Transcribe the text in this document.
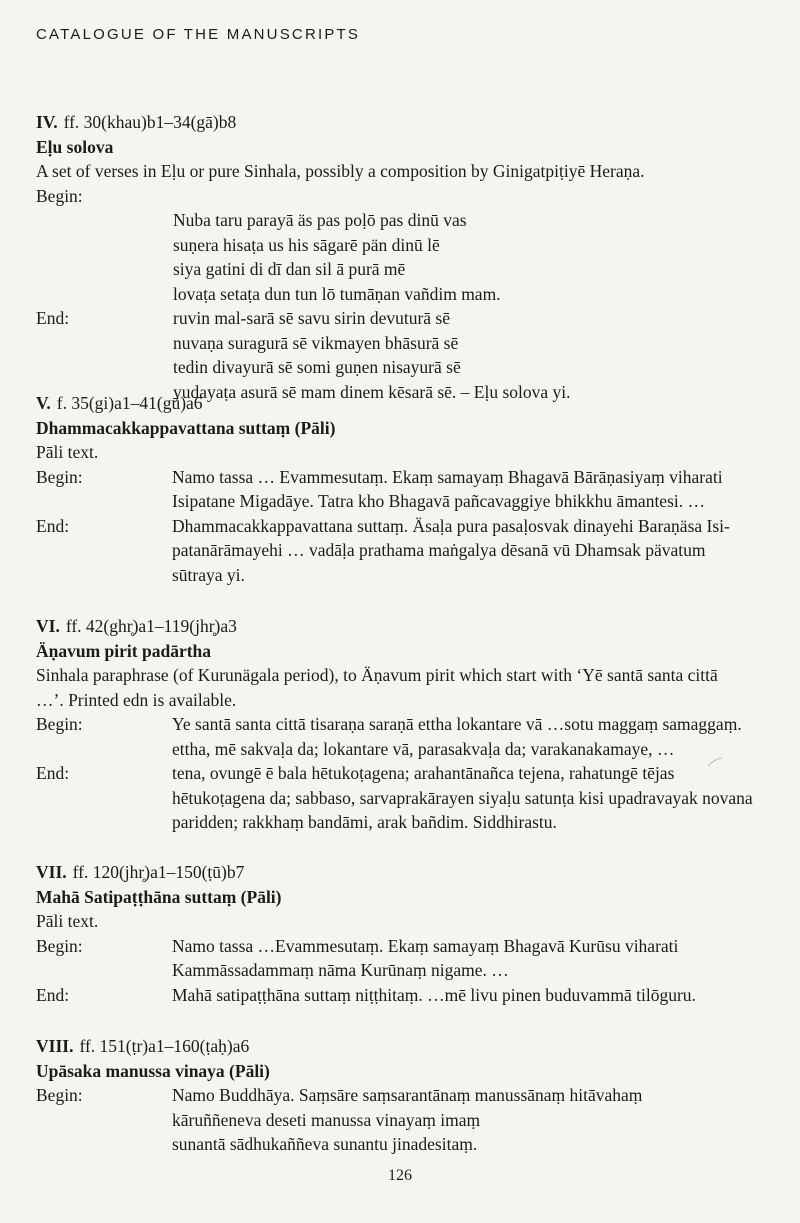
CATALOGUE OF THE MANUSCRIPTS

IV. ff. 30(khau)b1–34(gā)b8

Eḷu solova

A set of verses in Eḷu or pure Sinhala, possibly a composition by Ginigatpiṭiyē Heraṇa.

Begin:

Nuba taru parayā äs pas poḷō pas dinū vas
suṇera hisaṭa us his sāgarē pän dinū lē
siya gatini di dī dan sil ā purā mē
lovaṭa setaṭa dun tun lō tumāṇan vañdim mam.
End:	ruvin mal-sarā sē savu sirin devuturā sē
nuvaṇa suragurā sē vikmayen bhāsurā sē
tedin divayurā sē somi guṇen nisayurā sē
yudayaṭa asurā sē mam dinem kēsarā sē. – Eḷu solova yi.

V. f. 35(gi)a1–41(gū)a6

Dhammacakkappavattana suttaṃ (Pāli)

Pāli text.

Begin:	Namo tassa … Evammesutaṃ. Ekaṃ samayaṃ Bhagavā Bārāṇasiyaṃ viharati
Isipatane Migadāye. Tatra kho Bhagavā pañcavaggiye bhikkhu āmantesi. …
End:	Dhammacakkappavattana suttaṃ. Äsaḷa pura pasaḷosvak dinayehi Baraṇäsa Isi-
patanārāmayehi … vadāḷa prathama maṅgalya dēsanā vū Dhamsak pävatum
sūtraya yi.

VI. ff. 42(ghr̥)a1–119(jhr̥)a3

Äṇavum pirit padārtha

Sinhala paraphrase (of Kurunägala period), to Äṇavum pirit which start with ‘Yē santā santa cittā
…’. Printed edn is available.

Begin:	Ye santā santa cittā tisaraṇa saraṇā ettha lokantare vā …sotu maggaṃ samaggaṃ.
ettha, mē sakvaḷa da; lokantare vā, parasakvaḷa da; varakanakamaye, …
End:	tena, ovungē ē bala hētukoṭagena; arahantānañca tejena, rahatungē tējas
hētukoṭagena da; sabbaso, sarvaprakārayen siyaḷu satunṭa kisi upadravayak novana
paridden; rakkhaṃ bandāmi, arak bañdim. Siddhirastu.

VII. ff. 120(jhr̥)a1–150(ṭū)b7

Mahā Satipaṭṭhāna suttaṃ (Pāli)

Pāli text.

Begin:	Namo tassa …Evammesutaṃ. Ekaṃ samayaṃ Bhagavā Kurūsu viharati
Kammāssadammaṃ nāma Kurūnaṃ nigame. …
End:	Mahā satipaṭṭhāna suttaṃ niṭṭhitaṃ. …mē livu pinen buduvammā tilōguru.

VIII. ff. 151(ṭr)a1–160(ṭaḥ)a6

Upāsaka manussa vinaya (Pāli)

Begin:	Namo Buddhāya. Saṃsāre saṃsarantānaṃ manussānaṃ hitāvahaṃ
kāruññeneva deseti manussa vinayaṃ imaṃ
sunantā sādhukaññeva sunantu jinadesitaṃ.
126
